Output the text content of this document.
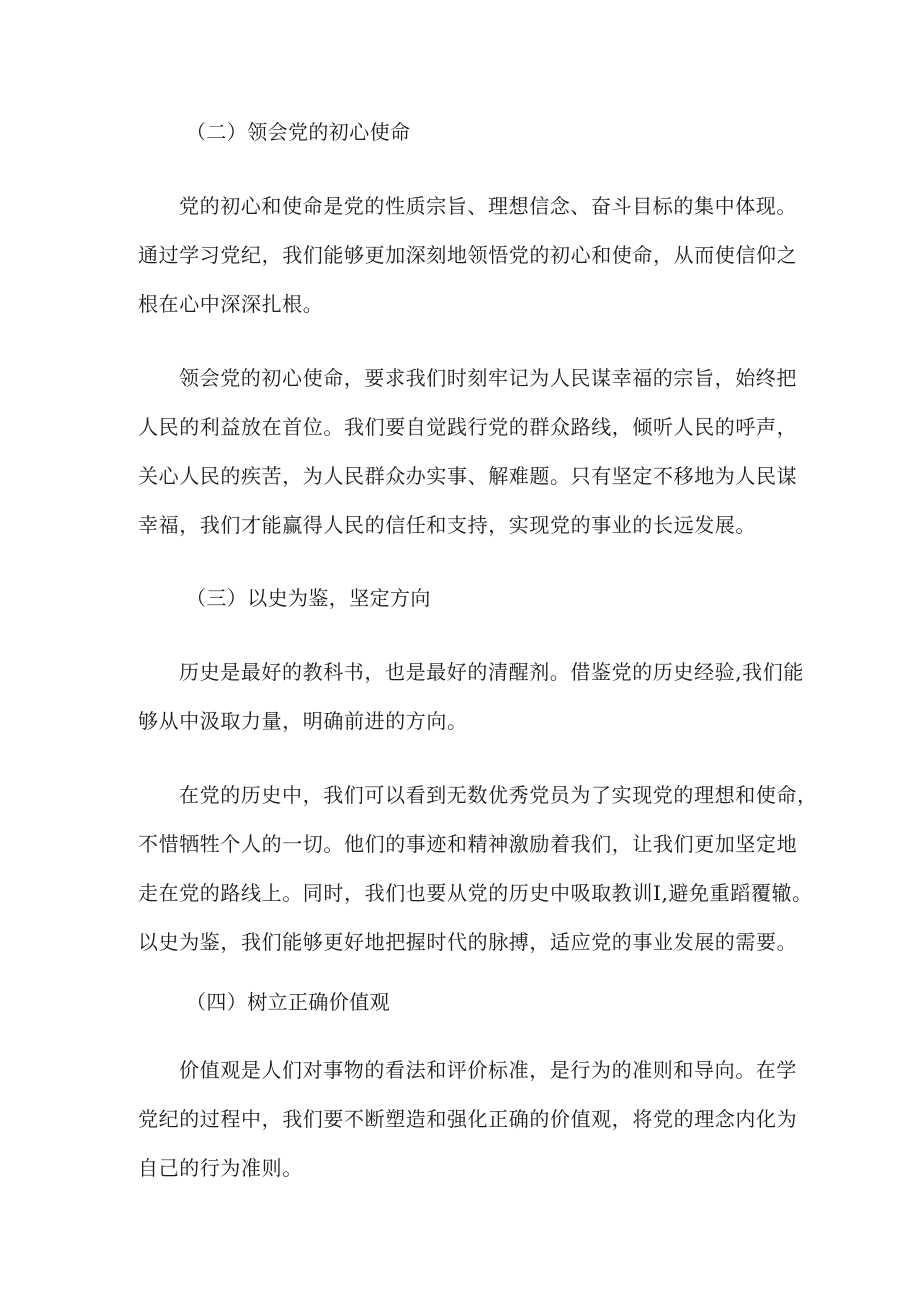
（二）领会党的初心使命
党的初心和使命是党的性质宗旨、理想信念、奋斗目标的集中体现。
通过学习党纪，我们能够更加深刻地领悟党的初心和使命，从而使信仰之
根在心中深深扎根。
领会党的初心使命，要求我们时刻牢记为人民谋幸福的宗旨，始终把
人民的利益放在首位。我们要自觉践行党的群众路线，倾听人民的呼声，
关心人民的疾苦，为人民群众办实事、解难题。只有坚定不移地为人民谋
幸福，我们才能赢得人民的信任和支持，实现党的事业的长远发展。
（三）以史为鉴，坚定方向
历史是最好的教科书，也是最好的清醒剂。借鉴党的历史经验,我们能
够从中汲取力量，明确前进的方向。
在党的历史中，我们可以看到无数优秀党员为了实现党的理想和使命，
不惜牺牲个人的一切。他们的事迹和精神激励着我们，让我们更加坚定地
走在党的路线上。同时，我们也要从党的历史中吸取教训I,避免重蹈覆辙。
以史为鉴，我们能够更好地把握时代的脉搏，适应党的事业发展的需要。
（四）树立正确价值观
价值观是人们对事物的看法和评价标准，是行为的准则和导向。在学
党纪的过程中，我们要不断塑造和强化正确的价值观，将党的理念内化为
自己的行为准则。
